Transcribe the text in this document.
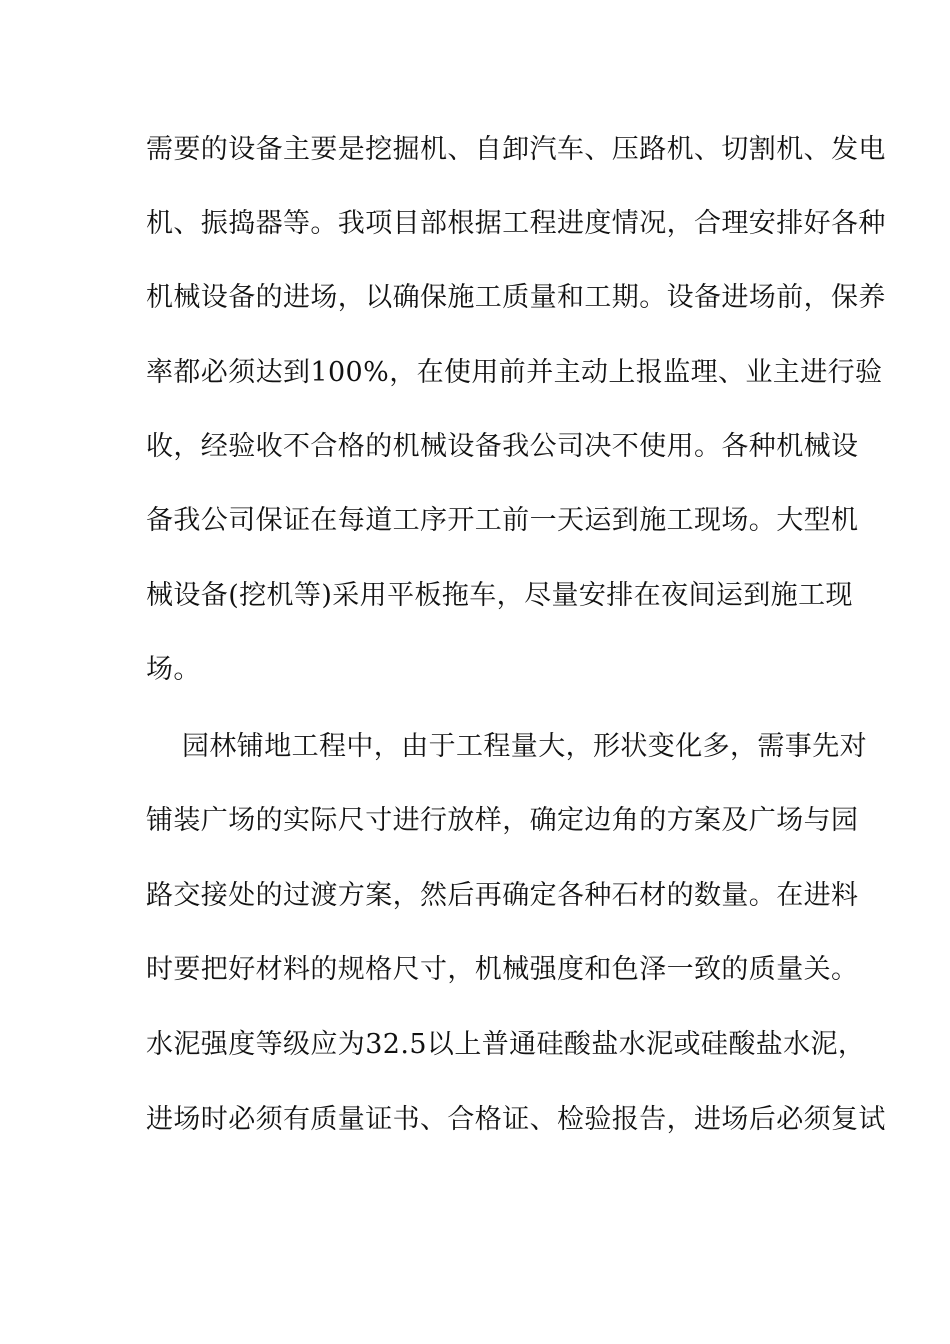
需要的设备主要是挖掘机、自卸汽车、压路机、切割机、发电
机、振捣器等。我项目部根据工程进度情况，合理安排好各种
机械设备的进场，以确保施工质量和工期。设备进场前，保养
率都必须达到100%，在使用前并主动上报监理、业主进行验
收，经验收不合格的机械设备我公司决不使用。各种机械设
备我公司保证在每道工序开工前一天运到施工现场。大型机
械设备(挖机等)采用平板拖车，尽量安排在夜间运到施工现
场。
园林铺地工程中，由于工程量大，形状变化多，需事先对
铺装广场的实际尺寸进行放样，确定边角的方案及广场与园
路交接处的过渡方案，然后再确定各种石材的数量。在进料
时要把好材料的规格尺寸，机械强度和色泽一致的质量关。
水泥强度等级应为32.5以上普通硅酸盐水泥或硅酸盐水泥，
进场时必须有质量证书、合格证、检验报告，进场后必须复试
